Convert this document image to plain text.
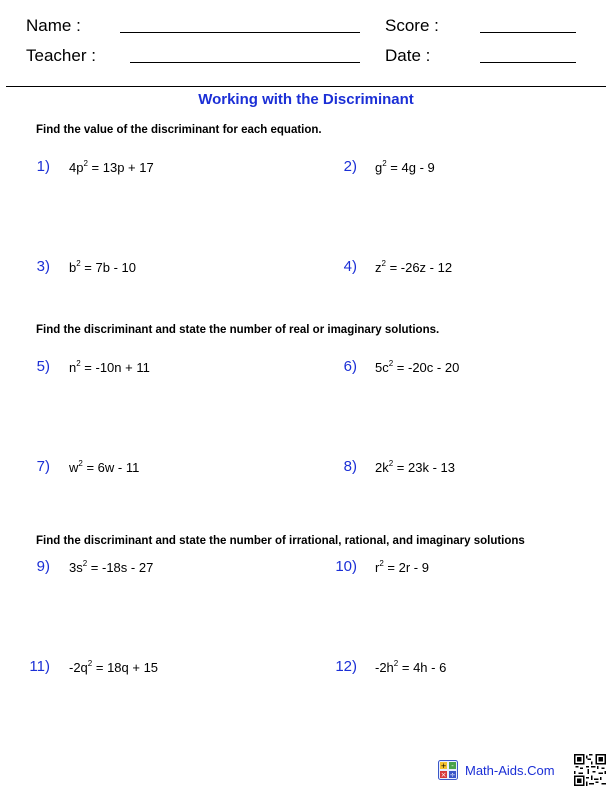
Name :	Score :
Teacher :	Date :
Working with the Discriminant
Find the value of the discriminant for each equation.
Find the discriminant and state the number of real or imaginary solutions.
Find the discriminant and state the number of irrational, rational, and imaginary solutions
1) $4p^2 = 13p + 17$	2) $g^2 = 4g - 9$
3) $b^2 = 7b - 10$	4) $z^2 = -26z - 12$
5) $n^2 = -10n + 11$	6) $5c^2 = -20c - 20$
7) $w^2 = 6w - 11$	8) $2k^2 = 23k - 13$
9) $3s^2 = -18s - 27$	10) $r^2 = 2r - 9$
11) $-2q^2 = 18q + 15$	12) $-2h^2 = 4h - 6$
+ -
× ÷ Math-Aids.Com
